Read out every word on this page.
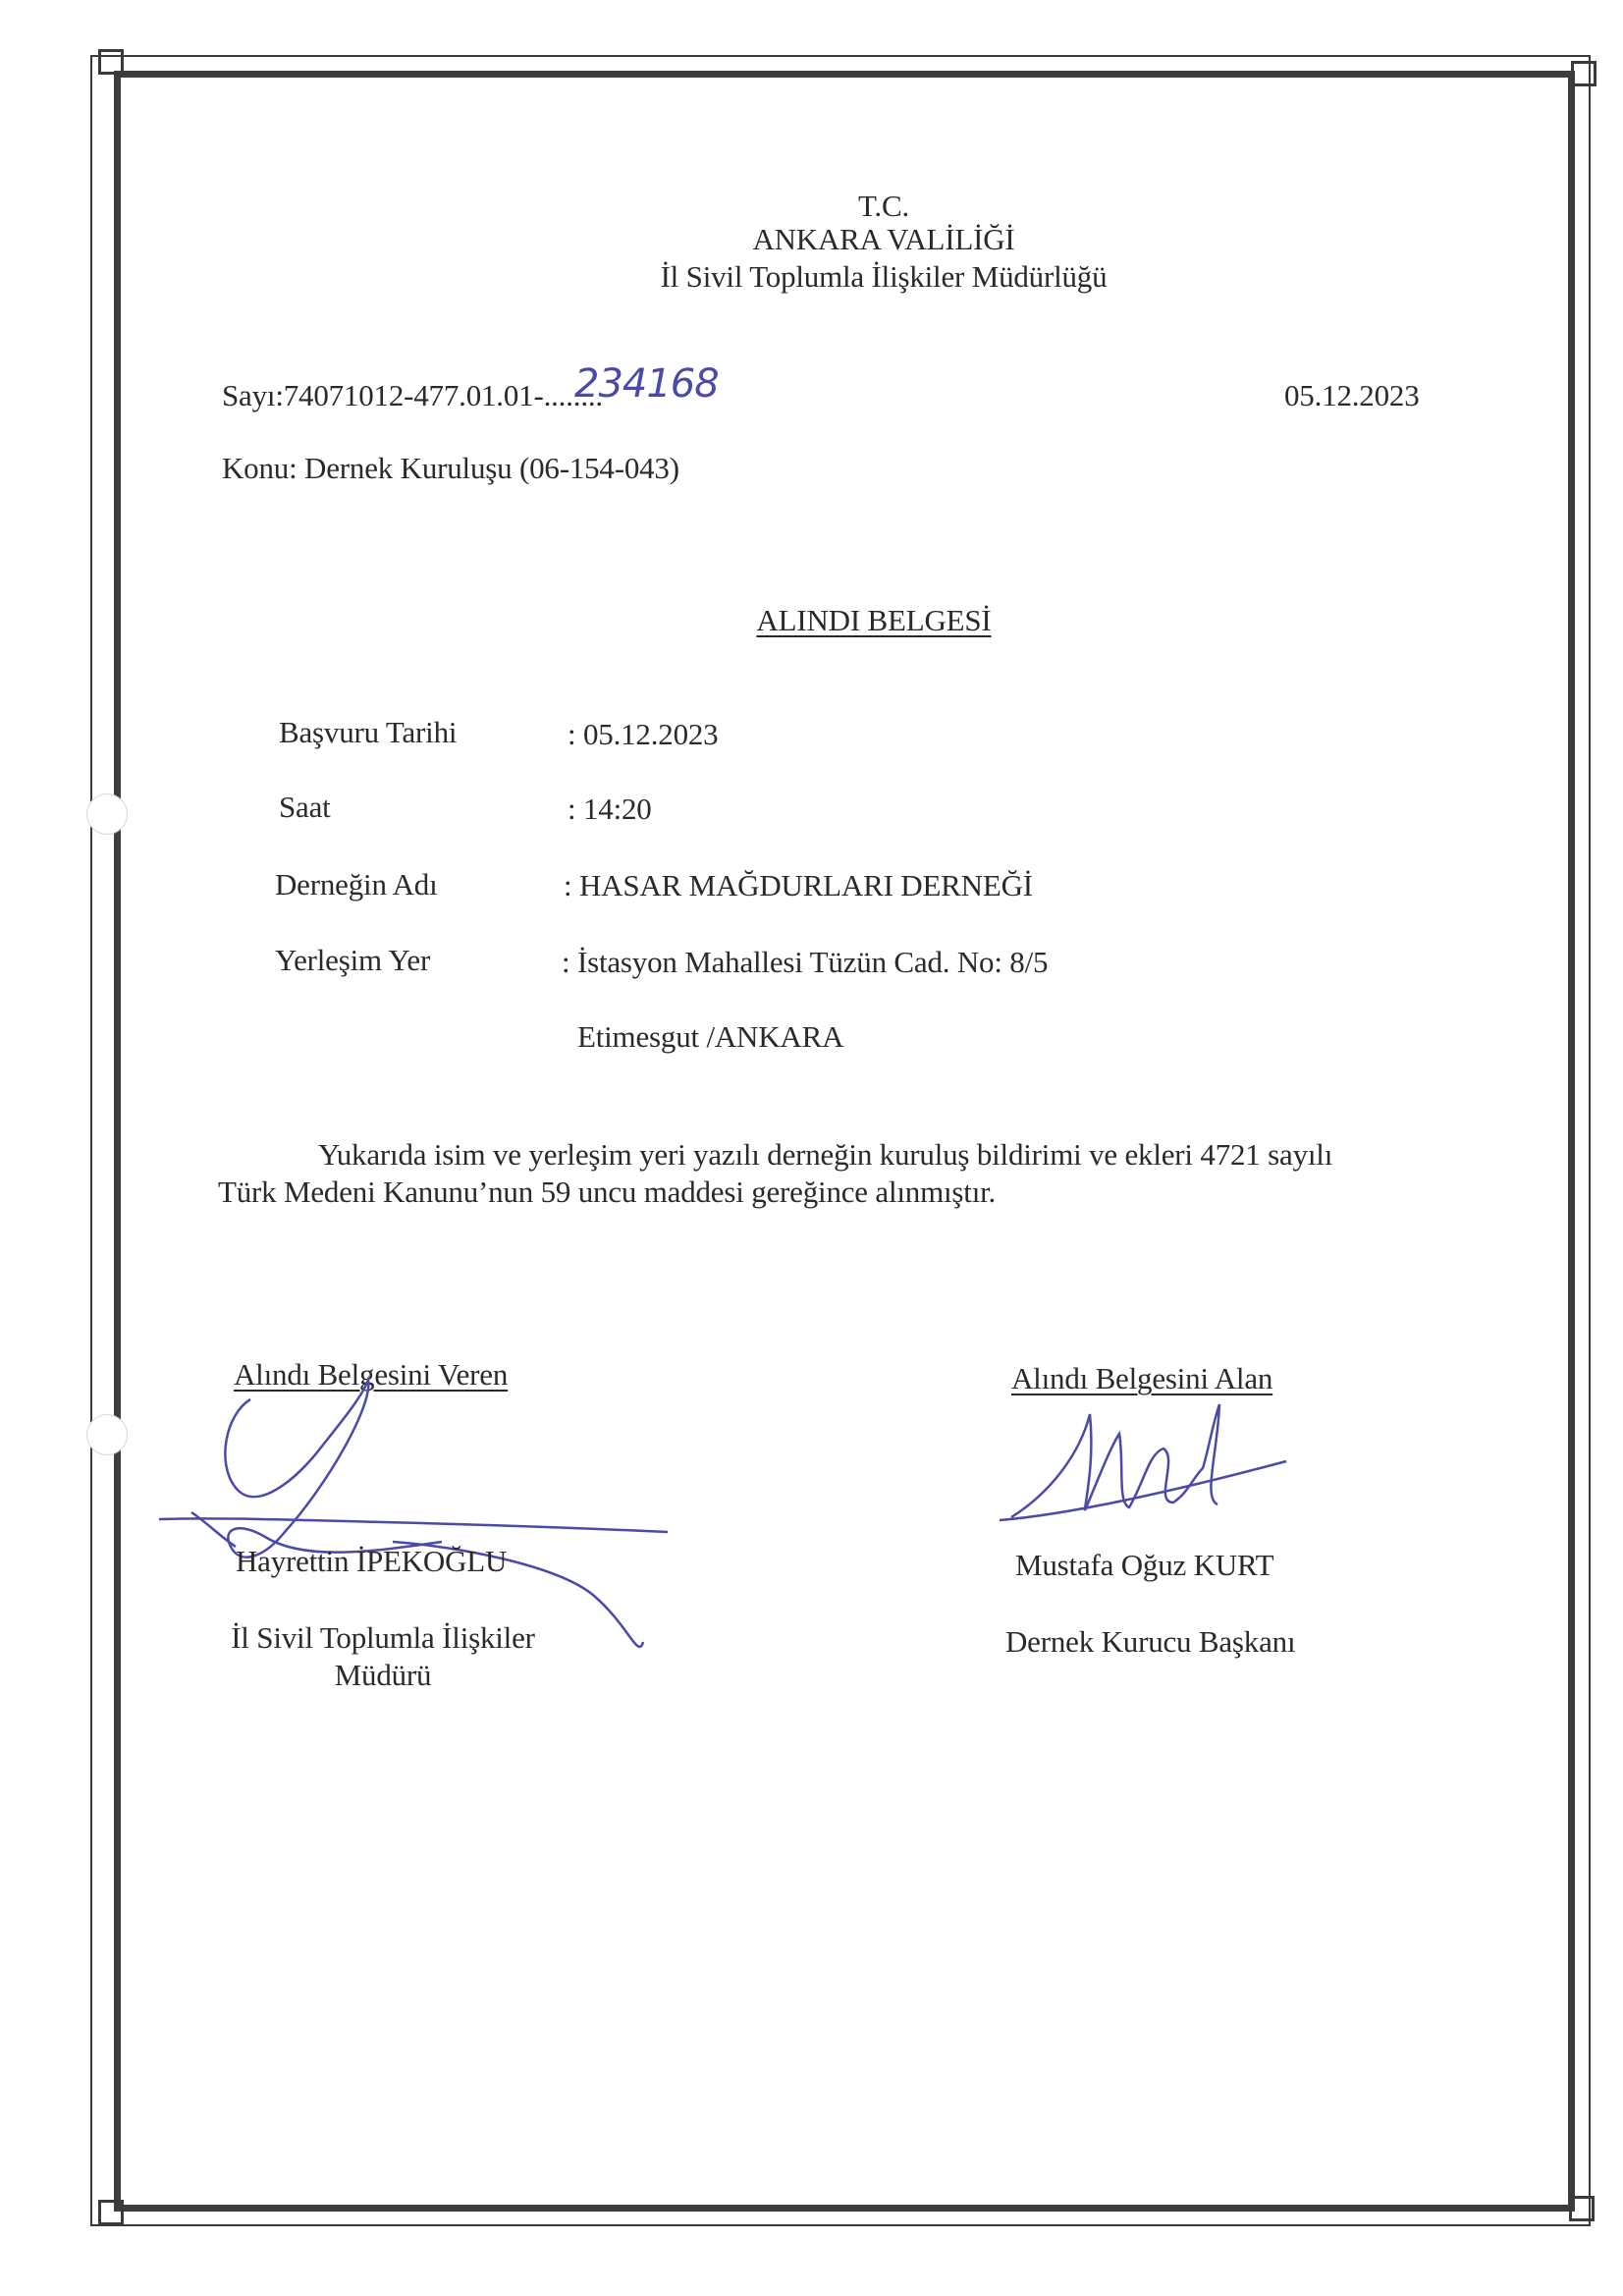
T.C.
ANKARA VALİLİĞİ
İl Sivil Toplumla İlişkiler Müdürlüğü
Sayı:74071012-477.01.01-........
234168	05.12.2023
Konu: Dernek Kuruluşu (06-154-043)
ALINDI BELGESİ
Başvuru Tarihi	: 05.12.2023
Saat	: 14:20
Derneğin Adı	: HASAR MAĞDURLARI DERNEĞİ
Yerleşim Yer	: İstasyon Mahallesi Tüzün Cad. No: 8/5
Etimesgut /ANKARA
Yukarıda isim ve yerleşim yeri yazılı derneğin kuruluş bildirimi ve ekleri 4721 sayılı
Türk Medeni Kanunu’nun 59 uncu maddesi gereğince alınmıştır.
Alındı Belgesini Veren
Hayrettin İPEKOĞLU
İl Sivil Toplumla İlişkiler
Müdürü
Alındı Belgesini Alan
Mustafa Oğuz KURT
Dernek Kurucu Başkanı
